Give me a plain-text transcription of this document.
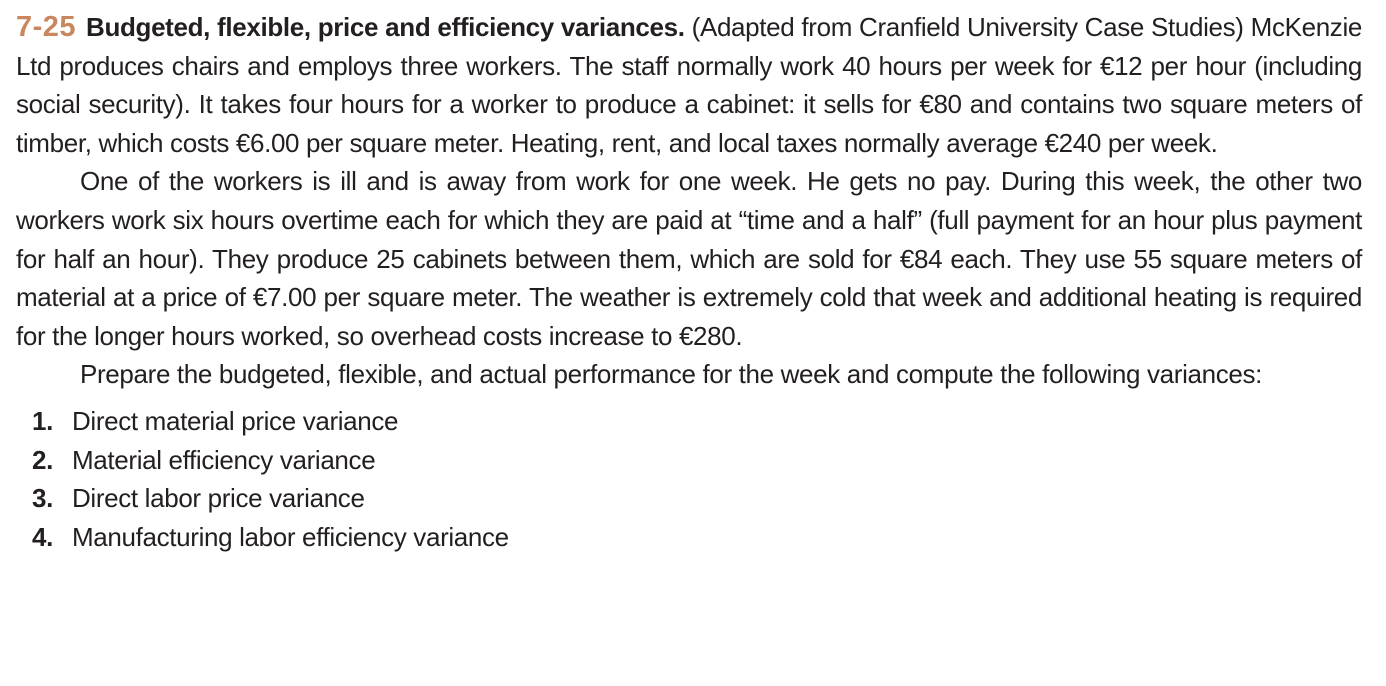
7-25 Budgeted, flexible, price and efficiency variances. (Adapted from Cranfield University Case Studies) McKenzie Ltd produces chairs and employs three workers. The staff normally work 40 hours per week for €12 per hour (including social security). It takes four hours for a worker to produce a cabinet: it sells for €80 and contains two square meters of timber, which costs €6.00 per square meter. Heating, rent, and local taxes normally average €240 per week.

One of the workers is ill and is away from work for one week. He gets no pay. During this week, the other two workers work six hours overtime each for which they are paid at “time and a half” (full payment for an hour plus payment for half an hour). They produce 25 cabinets between them, which are sold for €84 each. They use 55 square meters of material at a price of €7.00 per square meter. The weather is extremely cold that week and additional heating is required for the longer hours worked, so overhead costs increase to €280.

Prepare the budgeted, flexible, and actual performance for the week and compute the following variances:

1. Direct material price variance
2. Material efficiency variance
3. Direct labor price variance
4. Manufacturing labor efficiency variance
